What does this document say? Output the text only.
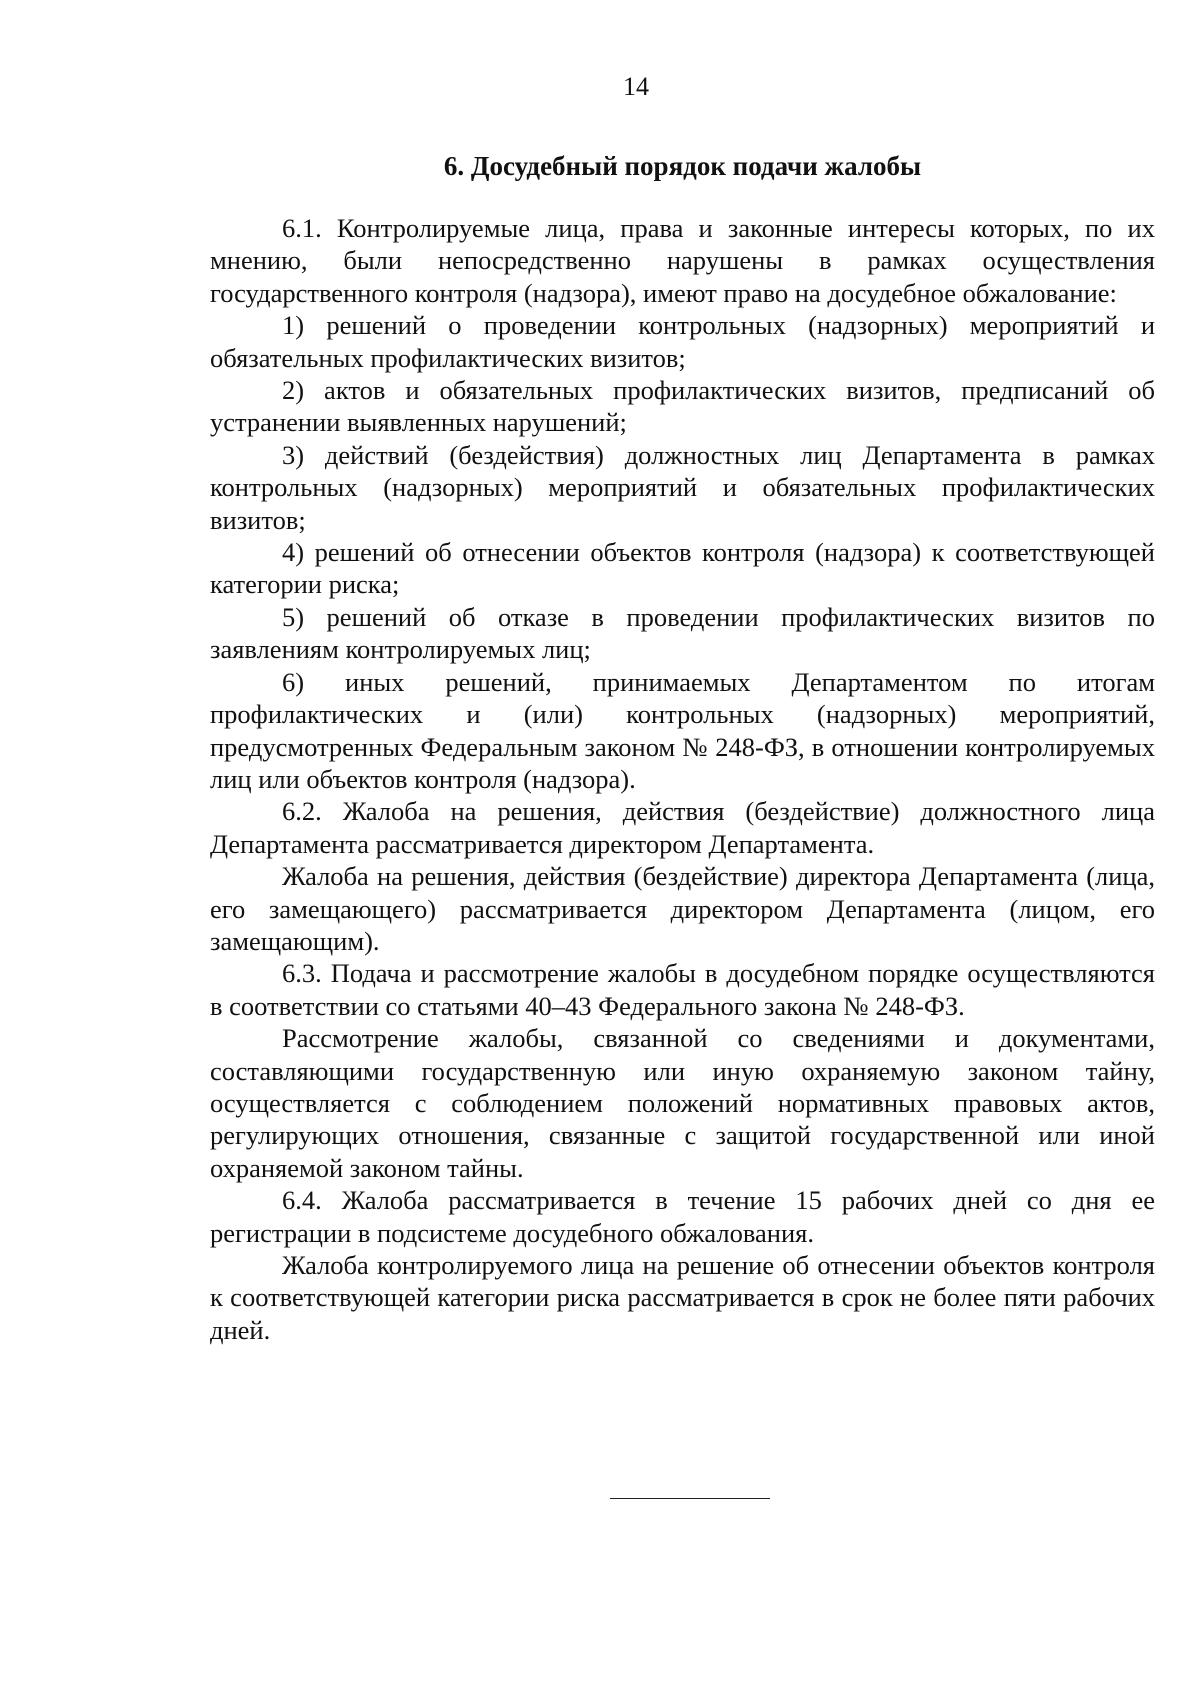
14
6. Досудебный порядок подачи жалобы

6.1. Контролируемые лица, права и законные интересы которых, по их мнению, были непосредственно нарушены в рамках осуществления государственного контроля (надзора), имеют право на досудебное обжалование:

1) решений о проведении контрольных (надзорных) мероприятий и обязательных профилактических визитов;

2) актов и обязательных профилактических визитов, предписаний об устранении выявленных нарушений;

3) действий (бездействия) должностных лиц Департамента в рамках контрольных (надзорных) мероприятий и обязательных профилактических визитов;

4) решений об отнесении объектов контроля (надзора) к соответствующей категории риска;

5) решений об отказе в проведении профилактических визитов по заявлениям контролируемых лиц;

6) иных решений, принимаемых Департаментом по итогам профилактических и (или) контрольных (надзорных) мероприятий, предусмотренных Федеральным законом № 248-ФЗ, в отношении контролируемых лиц или объектов контроля (надзора).

6.2. Жалоба на решения, действия (бездействие) должностного лица Департамента рассматривается директором Департамента.

Жалоба на решения, действия (бездействие) директора Департамента (лица, его замещающего) рассматривается директором Департамента (лицом, его замещающим).

6.3. Подача и рассмотрение жалобы в досудебном порядке осуществляются в соответствии со статьями 40–43 Федерального закона № 248-ФЗ.

Рассмотрение жалобы, связанной со сведениями и документами, составляющими государственную или иную охраняемую законом тайну, осуществляется с соблюдением положений нормативных правовых актов, регулирующих отношения, связанные с защитой государственной или иной охраняемой законом тайны.

6.4. Жалоба рассматривается в течение 15 рабочих дней со дня ее регистрации в подсистеме досудебного обжалования.

Жалоба контролируемого лица на решение об отнесении объектов контроля к соответствующей категории риска рассматривается в срок не более пяти рабочих дней.
